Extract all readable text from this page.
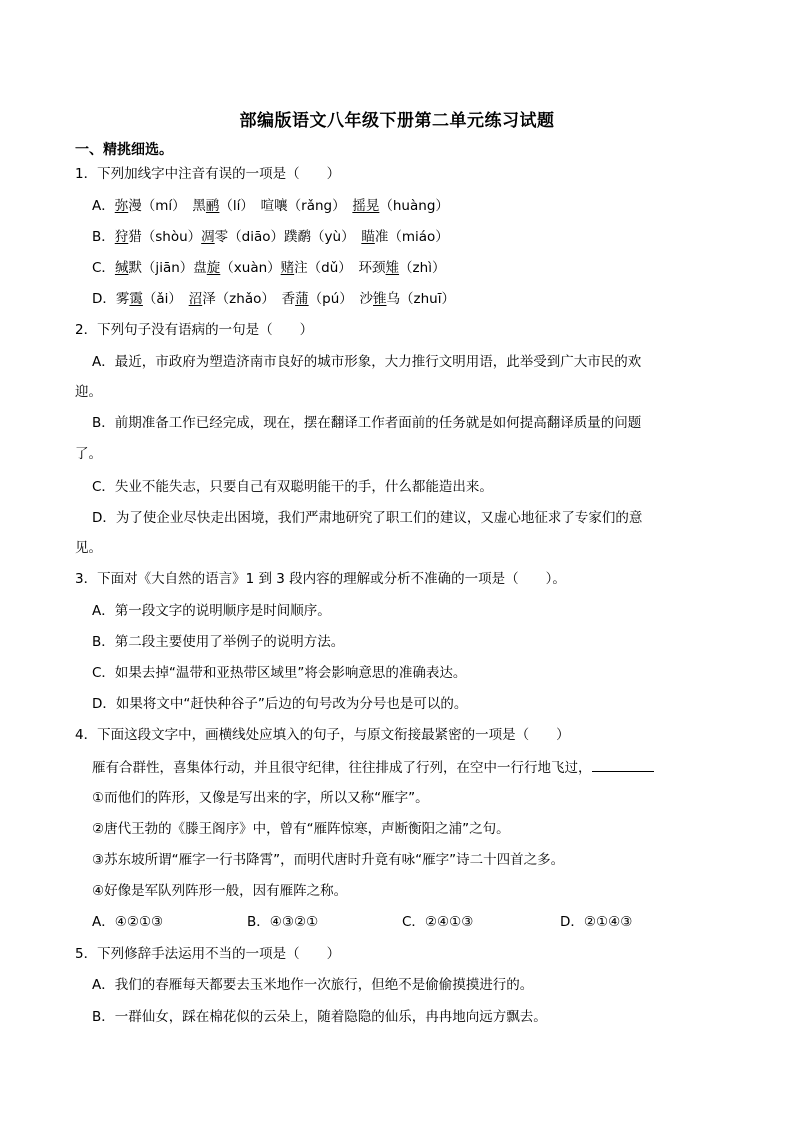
部编版语文八年级下册第二单元练习试题
一、精挑细选。
1．下列加线字中注音有误的一项是（　　）
A．弥漫（mí）　黑鹂（lí）　喧嚷（rǎng）　摇晃（huàng）
B．狩猎（shòu）凋零（diāo）蹼鹬（yù）　瞄准（miáo）
C．缄默（jiān）盘旋（xuàn）赌注（dǔ）　环颈雉（zhì）
D．雾霭（ǎi）　沼泽（zhǎo）　香蒲（pú）　沙锥乌（zhuī）
2．下列句子没有语病的一句是（　　）
A．最近，市政府为塑造济南市良好的城市形象，大力推行文明用语，此举受到广大市民的欢
迎。
B．前期准备工作已经完成，现在，摆在翻译工作者面前的任务就是如何提高翻译质量的问题
了。
C．失业不能失志，只要自己有双聪明能干的手，什么都能造出来。
D．为了使企业尽快走出困境，我们严肃地研究了职工们的建议，又虚心地征求了专家们的意
见。
3．下面对《大自然的语言》1 到 3 段内容的理解或分析不准确的一项是（　　）。
A．第一段文字的说明顺序是时间顺序。
B．第二段主要使用了举例子的说明方法。
C．如果去掉“温带和亚热带区域里”将会影响意思的准确表达。
D．如果将文中“赶快种谷子”后边的句号改为分号也是可以的。
4．下面这段文字中，画横线处应填入的句子，与原文衔接最紧密的一项是（　　）
雁有合群性，喜集体行动，并且很守纪律，往往排成了行列，在空中一行行地飞过，
①而他们的阵形，又像是写出来的字，所以又称“雁字”。
②唐代王勃的《滕王阁序》中，曾有“雁阵惊寒，声断衡阳之浦”之句。
③苏东坡所谓“雁字一行书降霄”，而明代唐时升竟有咏“雁字”诗二十四首之多。
④好像是军队列阵形一般，因有雁阵之称。
A．④②①③	B．④③②①	C．②④①③	D．②①④③
5．下列修辞手法运用不当的一项是（　　）
A．我们的春雁每天都要去玉米地作一次旅行，但绝不是偷偷摸摸进行的。
B．一群仙女，踩在棉花似的云朵上，随着隐隐的仙乐，冉冉地向远方飘去。
